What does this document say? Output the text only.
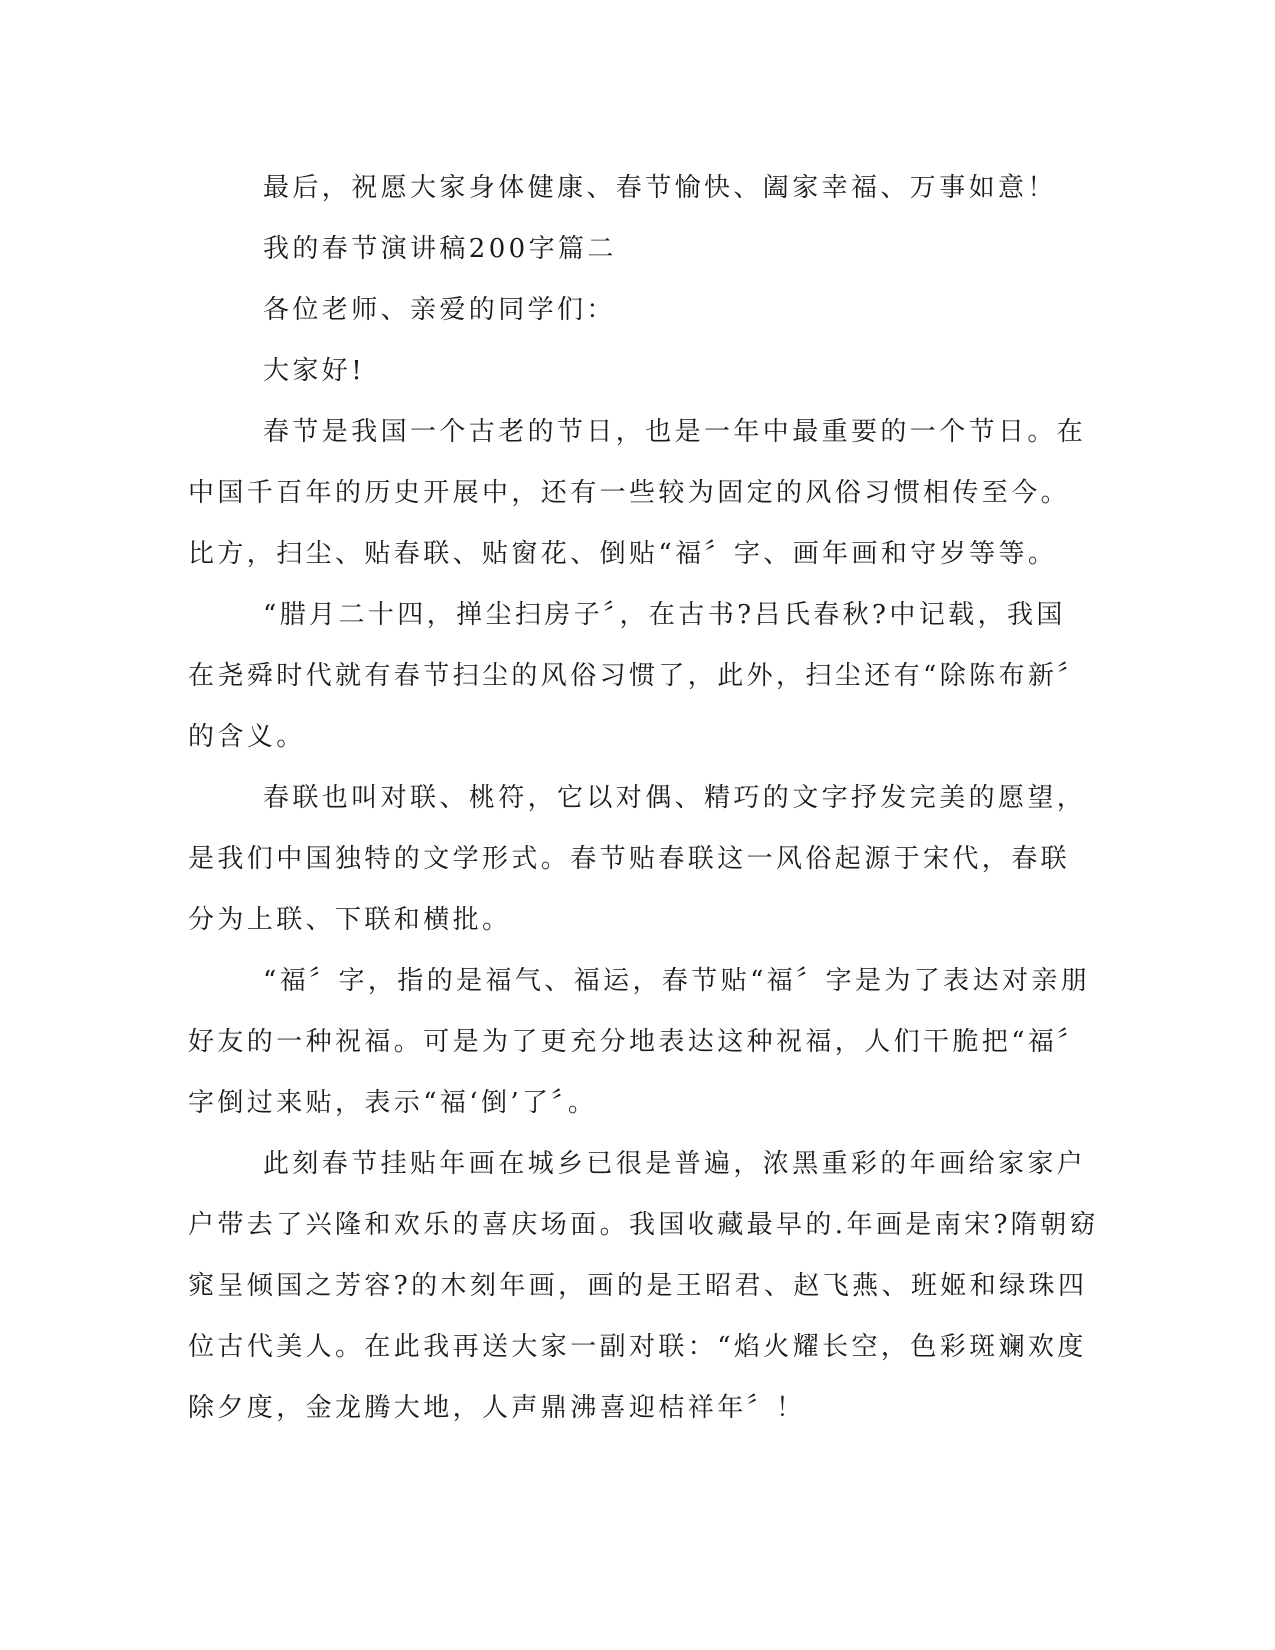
最后，祝愿大家身体健康、春节愉快、阖家幸福、万事如意！
我的春节演讲稿200字篇二
各位老师、亲爱的同学们：
大家好!
春节是我国一个古老的节日，也是一年中最重要的一个节日。在
中国千百年的历史开展中，还有一些较为固定的风俗习惯相传至今。
比方，扫尘、贴春联、贴窗花、倒贴“福〞字、画年画和守岁等等。
“腊月二十四，掸尘扫房子〞，在古书?吕氏春秋?中记载，我国
在尧舜时代就有春节扫尘的风俗习惯了，此外，扫尘还有“除陈布新〞
的含义。
春联也叫对联、桃符，它以对偶、精巧的文字抒发完美的愿望，
是我们中国独特的文学形式。春节贴春联这一风俗起源于宋代，春联
分为上联、下联和横批。
“福〞字，指的是福气、福运，春节贴“福〞字是为了表达对亲朋
好友的一种祝福。可是为了更充分地表达这种祝福，人们干脆把“福〞
字倒过来贴，表示“福‘倒’了〞。
此刻春节挂贴年画在城乡已很是普遍，浓黑重彩的年画给家家户
户带去了兴隆和欢乐的喜庆场面。我国收藏最早的.年画是南宋?隋朝窈
窕呈倾国之芳容?的木刻年画，画的是王昭君、赵飞燕、班姬和绿珠四
位古代美人。在此我再送大家一副对联：“焰火耀长空，色彩斑斓欢度
除夕度，金龙腾大地，人声鼎沸喜迎桔祥年〞！
